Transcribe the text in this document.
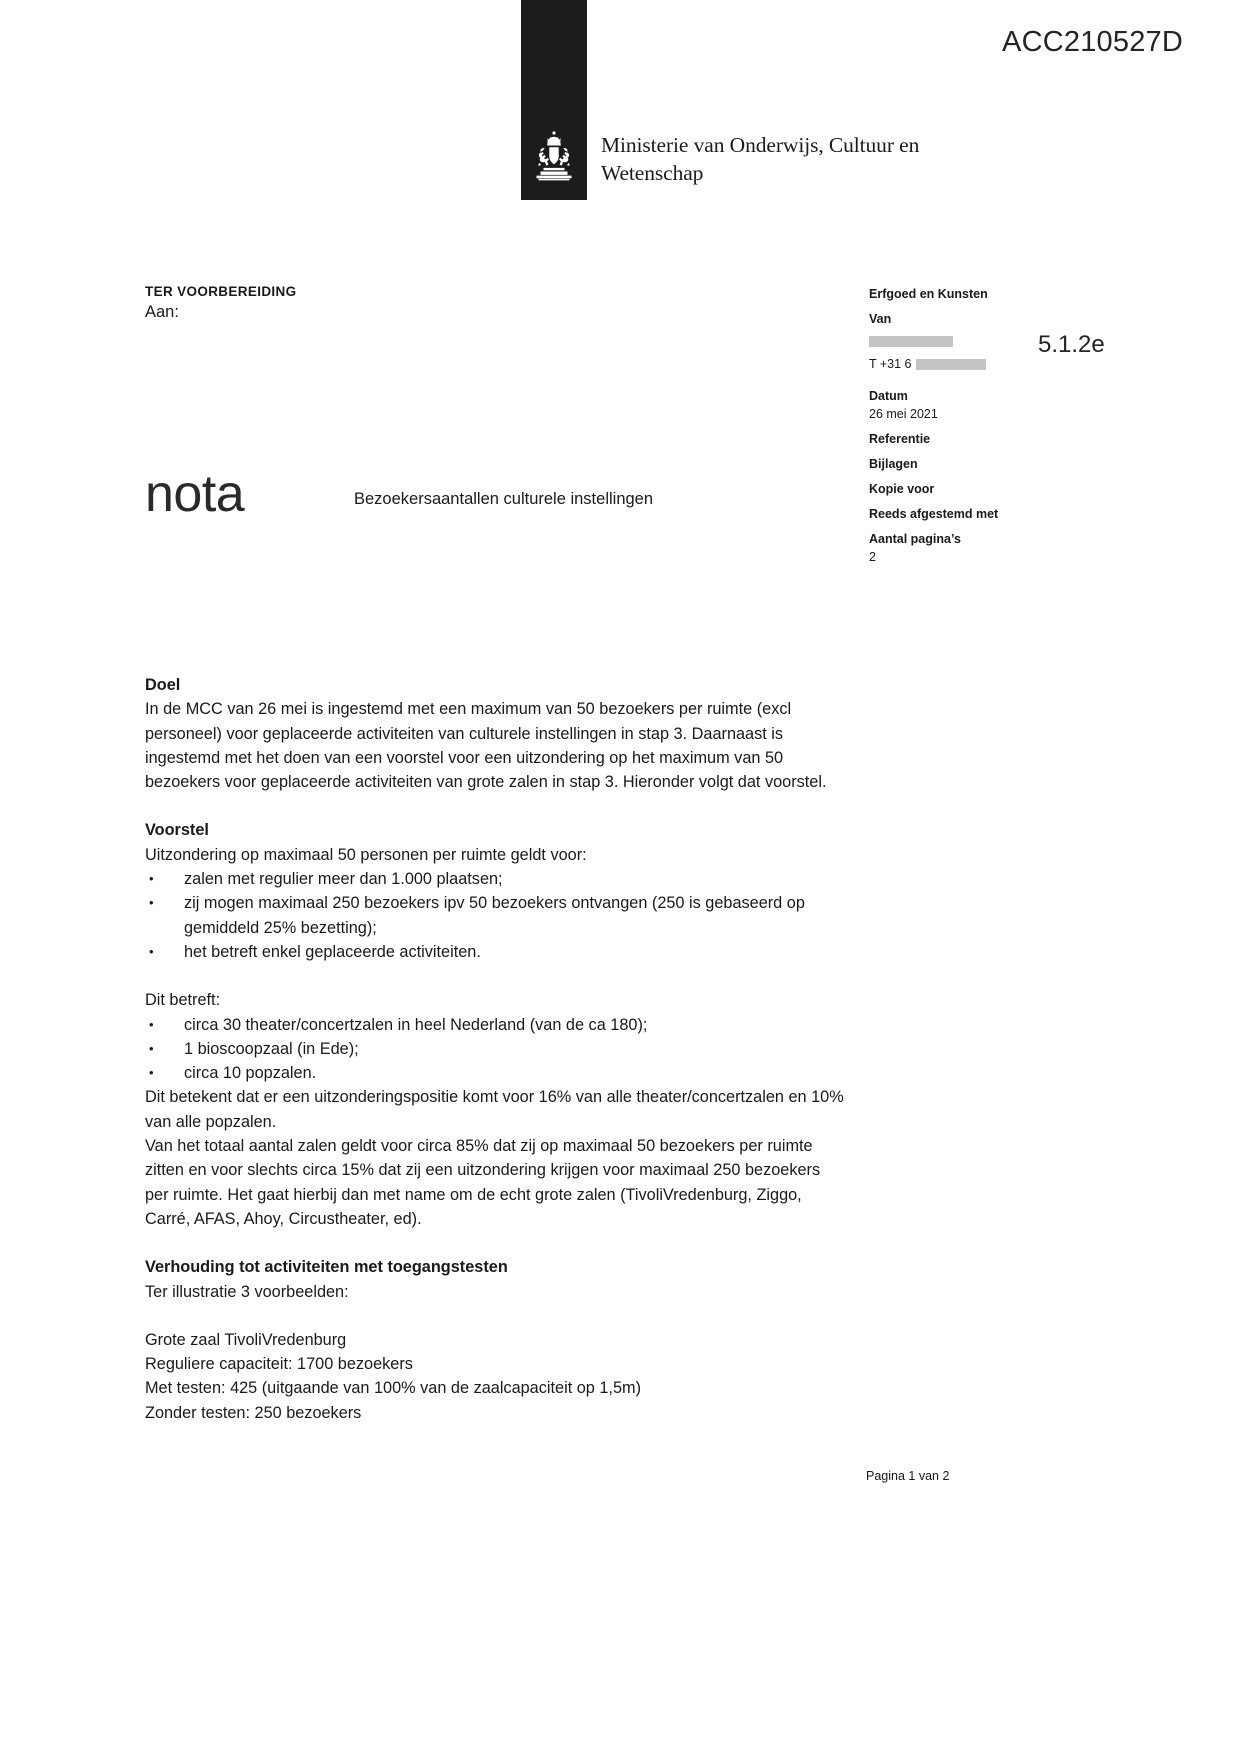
Ministerie van Onderwijs, Cultuur en Wetenschap
ACC210527D
TER VOORBEREIDING
Aan:
nota	Bezoekersaantallen culturele instellingen
Erfgoed en Kunsten
Van
T +31 6
Datum
26 mei 2021
Referentie
Bijlagen
Kopie voor
Reeds afgestemd met
Aantal pagina’s
2
5.1.2e
Doel

In de MCC van 26 mei is ingestemd met een maximum van 50 bezoekers per ruimte (excl personeel) voor geplaceerde activiteiten van culturele instellingen in stap 3. Daarnaast is ingestemd met het doen van een voorstel voor een uitzondering op het maximum van 50 bezoekers voor geplaceerde activiteiten van grote zalen in stap 3. Hieronder volgt dat voorstel.

Voorstel

Uitzondering op maximaal 50 personen per ruimte geldt voor:

• zalen met regulier meer dan 1.000 plaatsen;
• zij mogen maximaal 250 bezoekers ipv 50 bezoekers ontvangen (250 is gebaseerd op gemiddeld 25% bezetting);
• het betreft enkel geplaceerde activiteiten.

Dit betreft:

• circa 30 theater/concertzalen in heel Nederland (van de ca 180);
• 1 bioscoopzaal (in Ede);
• circa 10 popzalen.

Dit betekent dat er een uitzonderingspositie komt voor 16% van alle theater/concertzalen en 10% van alle popzalen.

Van het totaal aantal zalen geldt voor circa 85% dat zij op maximaal 50 bezoekers per ruimte zitten en voor slechts circa 15% dat zij een uitzondering krijgen voor maximaal 250 bezoekers per ruimte. Het gaat hierbij dan met name om de echt grote zalen (TivoliVredenburg, Ziggo, Carré, AFAS, Ahoy, Circustheater, ed).

Verhouding tot activiteiten met toegangstesten

Ter illustratie 3 voorbeelden:

Grote zaal TivoliVredenburg

Reguliere capaciteit: 1700 bezoekers

Met testen: 425 (uitgaande van 100% van de zaalcapaciteit op 1,5m)

Zonder testen: 250 bezoekers

Pagina 1 van 2
